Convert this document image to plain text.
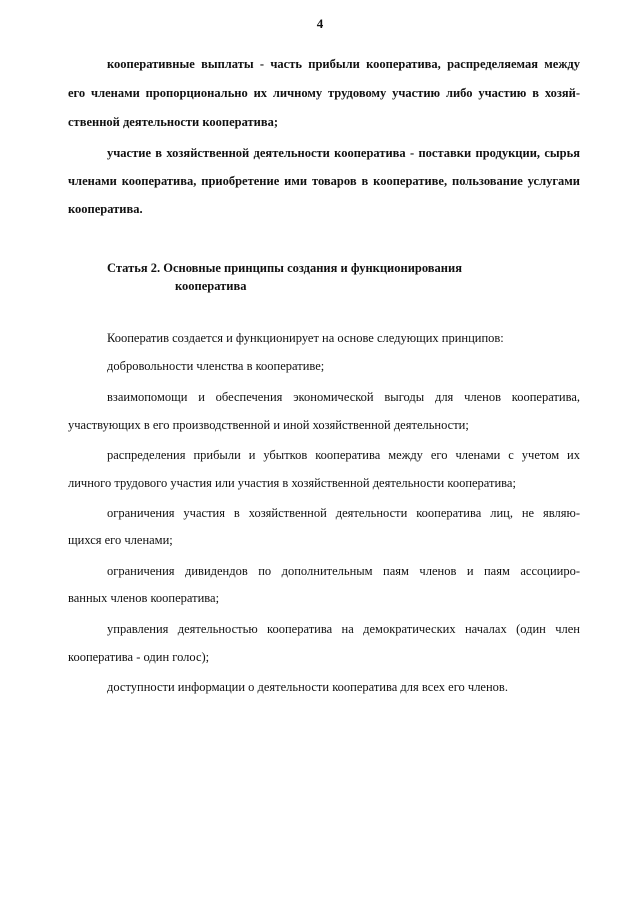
4
кооперативные выплаты - часть прибыли кооператива, распределяемая между
его членами пропорционально их личному трудовому участию либо участию в хозяй-
ственной деятельности кооператива;
участие в хозяйственной деятельности кооператива - поставки продукции, сырья
членами кооператива, приобретение ими товаров в кооперативе, пользование услугами
кооператива.
Статья 2. Основные принципы создания и функционирования
кооператива
Кооператив создается и функционирует на основе следующих принципов:
добровольности членства в кооперативе;
взаимопомощи и обеспечения экономической выгоды для членов кооператива,
участвующих в его производственной и иной хозяйственной деятельности;
распределения прибыли и убытков кооператива между его членами с учетом их
личного трудового участия или участия в хозяйственной деятельности кооператива;
ограничения участия в хозяйственной деятельности кооператива лиц, не являю-
щихся его членами;
ограничения дивидендов по дополнительным паям членов и паям ассоцииро-
ванных членов кооператива;
управления деятельностью кооператива на демократических началах (один член
кооператива - один голос);
доступности информации о деятельности кооператива для всех его членов.
